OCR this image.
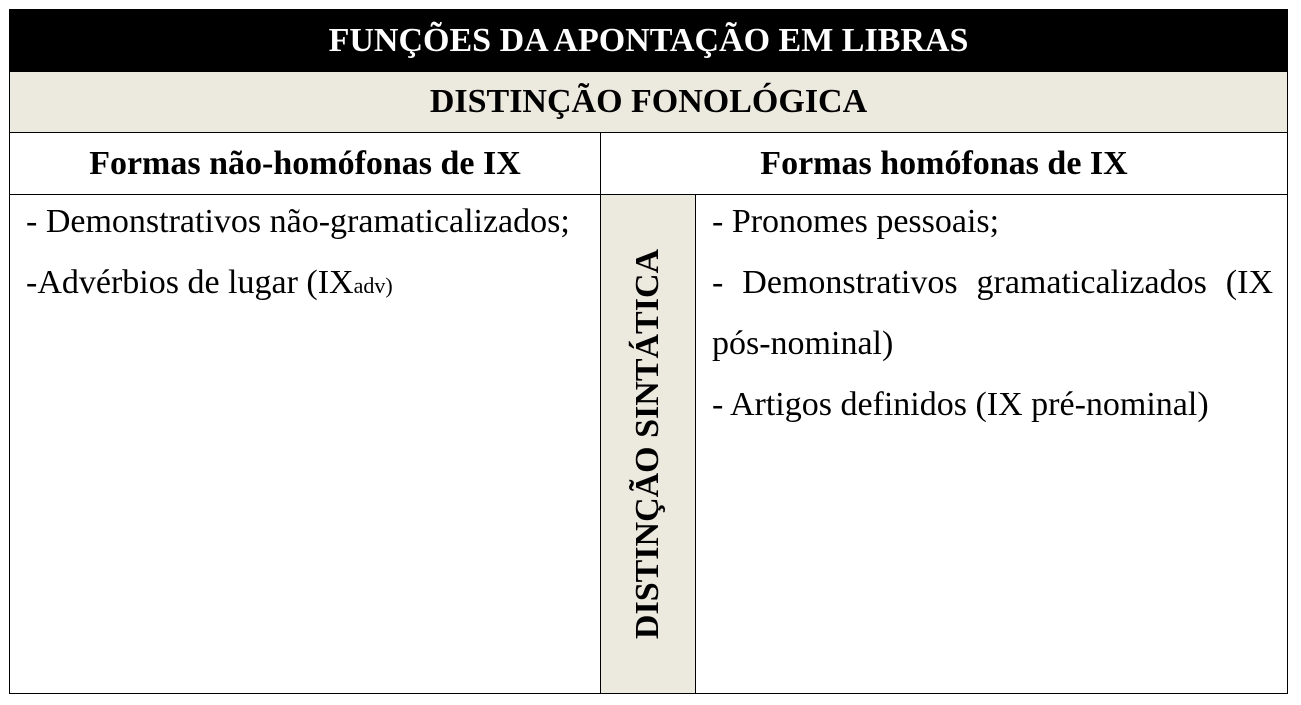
FUNÇÕES DA APONTAÇÃO EM LIBRAS
DISTINÇÃO FONOLÓGICA
Formas não-homófonas de IX	Formas homófonas de IX
- Demonstrativos não-gramaticalizados;
-Advérbios de lugar (IXadv)	DISTINÇÃO SINTÁTICA
- Pronomes pessoais;
- Demonstrativos gramaticalizados (IX
pós-nominal)
- Artigos definidos (IX pré-nominal)
